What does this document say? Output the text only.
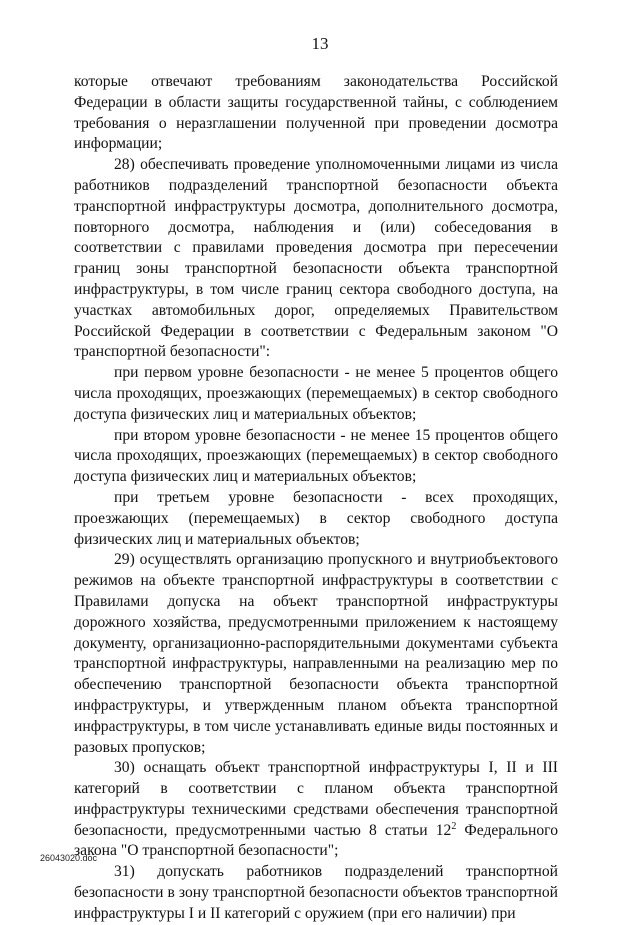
13

которые отвечают требованиям законодательства Российской Федерации в области защиты государственной тайны, с соблюдением требования о неразглашении полученной при проведении досмотра информации;

28) обеспечивать проведение уполномоченными лицами из числа работников подразделений транспортной безопасности объекта транспортной инфраструктуры досмотра, дополнительного досмотра, повторного досмотра, наблюдения и (или) собеседования в соответствии с правилами проведения досмотра при пересечении границ зоны транспортной безопасности объекта транспортной инфраструктуры, в том числе границ сектора свободного доступа, на участках автомобильных дорог, определяемых Правительством Российской Федерации в соответствии с Федеральным законом "О транспортной безопасности":

при первом уровне безопасности - не менее 5 процентов общего числа проходящих, проезжающих (перемещаемых) в сектор свободного доступа физических лиц и материальных объектов;

при втором уровне безопасности - не менее 15 процентов общего числа проходящих, проезжающих (перемещаемых) в сектор свободного доступа физических лиц и материальных объектов;

при третьем уровне безопасности - всех проходящих, проезжающих (перемещаемых) в сектор свободного доступа физических лиц и материальных объектов;

29) осуществлять организацию пропускного и внутриобъектового режимов на объекте транспортной инфраструктуры в соответствии с Правилами допуска на объект транспортной инфраструктуры дорожного хозяйства, предусмотренными приложением к настоящему документу, организационно-распорядительными документами субъекта транспортной инфраструктуры, направленными на реализацию мер по обеспечению транспортной безопасности объекта транспортной инфраструктуры, и утвержденным планом объекта транспортной инфраструктуры, в том числе устанавливать единые виды постоянных и разовых пропусков;

30) оснащать объект транспортной инфраструктуры I, II и III категорий в соответствии с планом объекта транспортной инфраструктуры техническими средствами обеспечения транспортной безопасности, предусмотренными частью 8 статьи $12^2$ Федерального закона "О транспортной безопасности";

31) допускать работников подразделений транспортной безопасности в зону транспортной безопасности объектов транспортной инфраструктуры I и II категорий с оружием (при его наличии) при

26043020.doc
